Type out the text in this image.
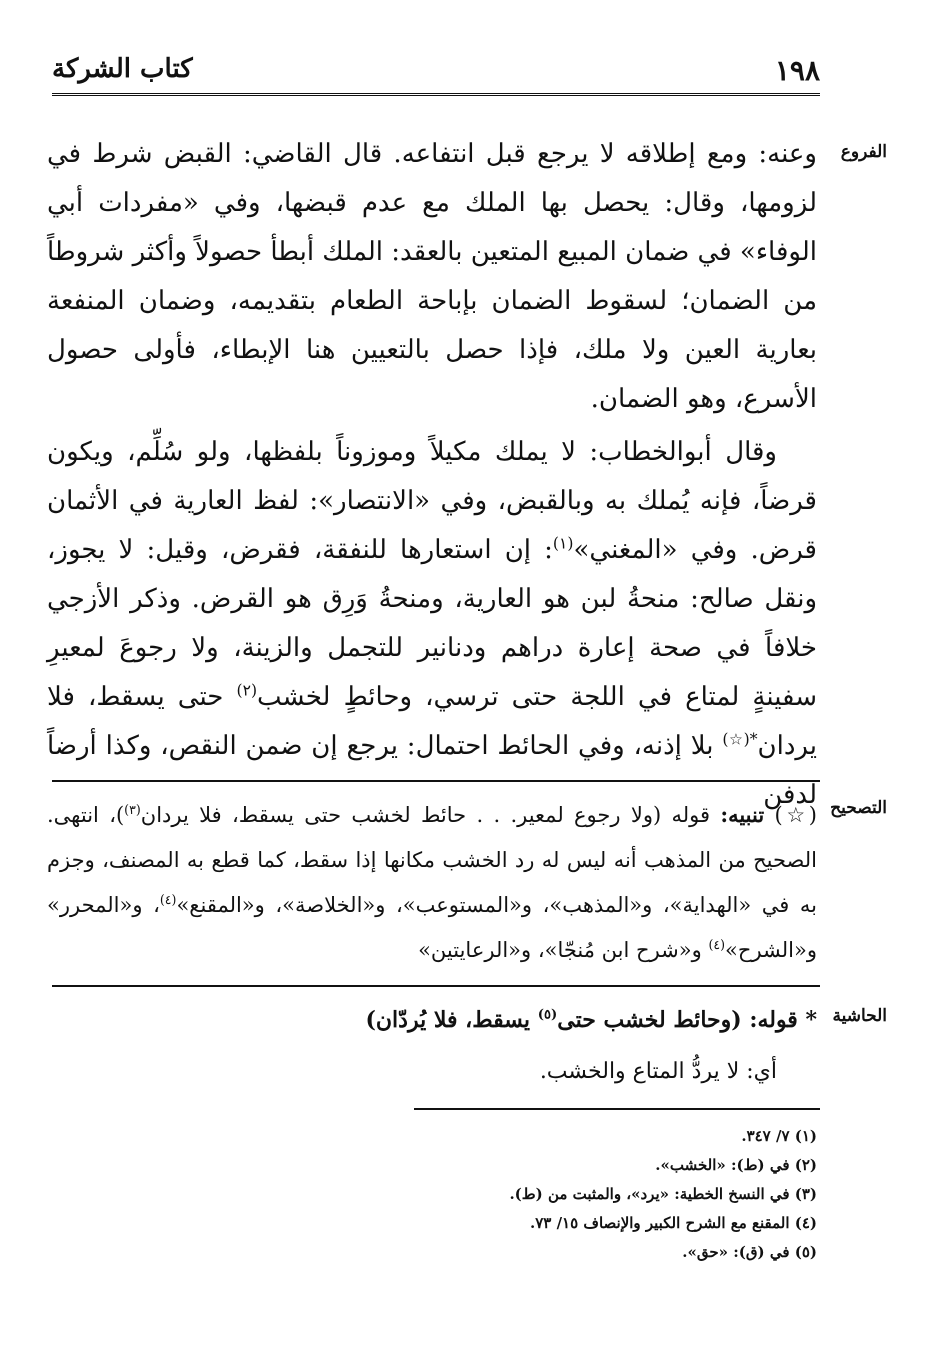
١٩٨
كتاب الشركة
الفروع
التصحيح
الحاشية

وعنه: ومع إطلاقه لا يرجع قبل انتفاعه. قال القاضي: القبض شرط في لزومها، وقال: يحصل بها الملك مع عدم قبضها، وفي «مفردات أبي الوفاء» في ضمان المبيع المتعين بالعقد: الملك أبطأ حصولاً وأكثر شروطاً من الضمان؛ لسقوط الضمان بإباحة الطعام بتقديمه، وضمان المنفعة بعارية العين ولا ملك، فإذا حصل بالتعيين هنا الإبطاء، فأولى حصول الأسرع، وهو الضمان.

وقال أبوالخطاب: لا يملك مكيلاً وموزوناً بلفظها، ولو سُلِّم، ويكون قرضاً، فإنه يُملك به وبالقبض، وفي «الانتصار»: لفظ العارية في الأثمان قرض. وفي «المغني»$^{(١)}$: إن استعارها للنفقة، فقرض، وقيل: لا يجوز، ونقل صالح: منحةُ لبن هو العارية، ومنحةُ وَرِق هو القرض. وذكر الأزجي خلافاً في صحة إعارة دراهم ودنانير للتجمل والزينة، ولا رجوعَ لمعيرِ سفينةٍ لمتاع في اللجة حتى ترسي، وحائطٍ لخشب$^{(٢)}$ حتى يسقط، فلا يردان*(☆) بلا إذنه، وفي الحائط احتمال: يرجع إن ضمن النقص، وكذا أرضاً لدفن

(☆) تنبيه: قوله (ولا رجوع لمعير. . . حائط لخشب حتى يسقط، فلا يردان$^{(٣)}$)، انتهى. الصحيح من المذهب أنه ليس له رد الخشب مكانها إذا سقط، كما قطع به المصنف، وجزم به في «الهداية»، و«المذهب»، و«المستوعب»، و«الخلاصة»، و«المقنع»$^{(٤)}$، و«المحرر» و«الشرح»$^{(٤)}$ و«شرح ابن مُنجّا»، و«الرعايتين»

* قوله: (وحائط لخشب حتى$^{(٥)}$ يسقط، فلا يُردّان)

أي: لا يردُّ المتاع والخشب.

(١) ٧/ ٣٤٧.

(٢) في (ط): «الخشب».

(٣) في النسخ الخطية: «يرد»، والمثبت من (ط).

(٤) المقنع مع الشرح الكبير والإنصاف ١٥/ ٧٣.

(٥) في (ق): «حق».
